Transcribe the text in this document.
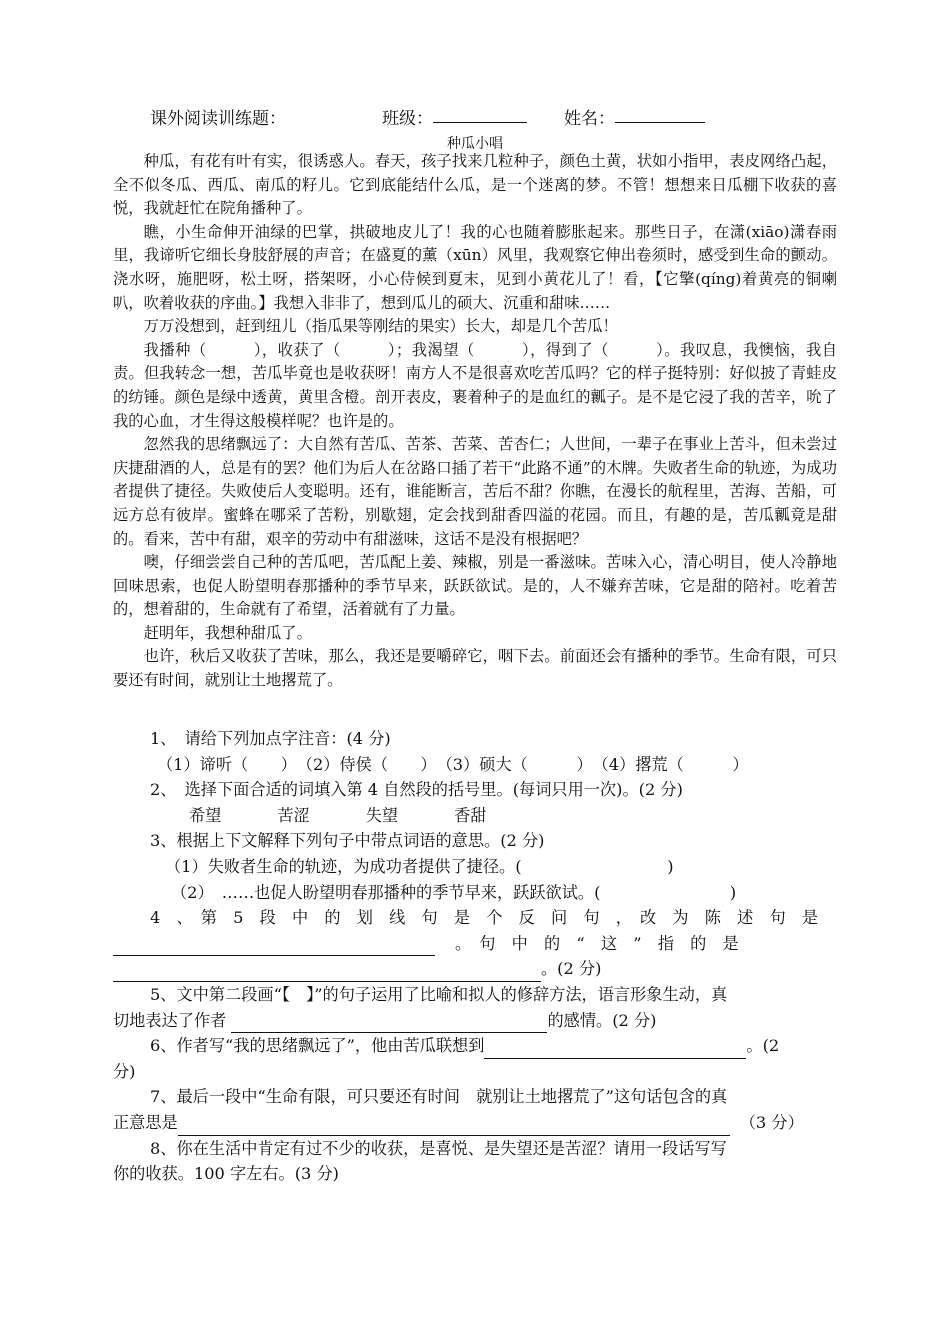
课外阅读训练题：	班级：	姓名：
种瓜小唱

种瓜，有花有叶有实，很诱惑人。春天，孩子找来几粒种子，颜色土黄，状如小指甲，表皮网络凸起，全不似冬瓜、西瓜、南瓜的籽儿。它到底能结什么瓜，是一个迷离的梦。不管！想想来日瓜棚下收获的喜悦，我就赶忙在院角播种了。

瞧，小生命伸开油绿的巴掌，拱破地皮儿了！我的心也随着膨胀起来。那些日子，在潇(xiāo)潇春雨里，我谛听它细长身肢舒展的声音；在盛夏的薰（xūn）风里，我观察它伸出卷须时，感受到生命的颤动。浇水呀，施肥呀，松土呀，搭架呀，小心侍候到夏末，见到小黄花儿了！看，【它擎(qíng)着黄亮的铜喇叭，吹着收获的序曲。】我想入非非了，想到瓜儿的硕大、沉重和甜味……

万万没想到，赶到纽儿（指瓜果等刚结的果实）长大，却是几个苦瓜！

我播种（　　　），收获了（　　　）；我渴望（　　　），得到了（　　　）。我叹息，我懊恼，我自责。但我转念一想，苦瓜毕竟也是收获呀！南方人不是很喜欢吃苦瓜吗？它的样子挺特别：好似披了青蛙皮的纺锤。颜色是绿中透黄，黄里含橙。剖开表皮，裹着种子的是血红的瓤子。是不是它浸了我的苦辛，吮了我的心血，才生得这般模样呢？也许是的。

忽然我的思绪飘远了：大自然有苦瓜、苦茶、苦菜、苦杏仁；人世间，一辈子在事业上苦斗，但未尝过庆捷甜酒的人，总是有的罢？他们为后人在岔路口插了若干“此路不通”的木牌。失败者生命的轨迹，为成功者提供了捷径。失败使后人变聪明。还有，谁能断言，苦后不甜？你瞧，在漫长的航程里，苦海、苦船，可远方总有彼岸。蜜蜂在哪采了苦粉，别歇翅，定会找到甜香四溢的花园。而且，有趣的是，苦瓜瓤竟是甜的。看来，苦中有甜，艰辛的劳动中有甜滋味，这话不是没有根据吧？

噢，仔细尝尝自己种的苦瓜吧，苦瓜配上姜、辣椒，别是一番滋味。苦味入心，清心明目，使人冷静地回味思索，也促人盼望明春那播种的季节早来，跃跃欲试。是的，人不嫌弃苦味，它是甜的陪衬。吃着苦的，想着甜的，生命就有了希望，活着就有了力量。

赶明年，我想种甜瓜了。

也许，秋后又收获了苦味，那么，我还是要嚼碎它，咽下去。前面还会有播种的季节。生命有限，可只要还有时间，就别让土地撂荒了。

1、　请给下列加点字注音：(4 分)
（1）谛听（　　）　（2）侍侯（　　）　（3）硕大（　　　）　（4）撂荒（　　　）
2、　选择下面合适的词填入第 4 自然段的括号里。(每词只用一次)。(2 分)
希望	苦涩	失望	香甜
3、根据上下文解释下列句子中带点词语的意思。(2 分)
（1）失败者生命的轨迹，为成功者提供了捷径。(　　　　　　　　　)
（2）　……也促人盼望明春那播种的季节早来，跃跃欲试。(　　　　　　　　)
4　、　第　5　段　中　的　划　线　句　是　个　反　问　句　，　改　为　陈　述　句　是
。　句　中　的　“　这　”　指　的　是
。(2 分)
5、文中第二段画“【　】”的句子运用了比喻和拟人的修辞方法，语言形象生动，真
切地表达了作者	的感情。(2 分)
6、作者写“我的思绪飘远了”，他由苦瓜联想到	。(2
分)
7、最后一段中“生命有限，可只要还有时间　就别让土地撂荒了”这句话包含的真
正意思是	（3 分）
8、你在生活中肯定有过不少的收获，是喜悦、是失望还是苦涩？请用一段话写写
你的收获。100 字左右。(3 分)
